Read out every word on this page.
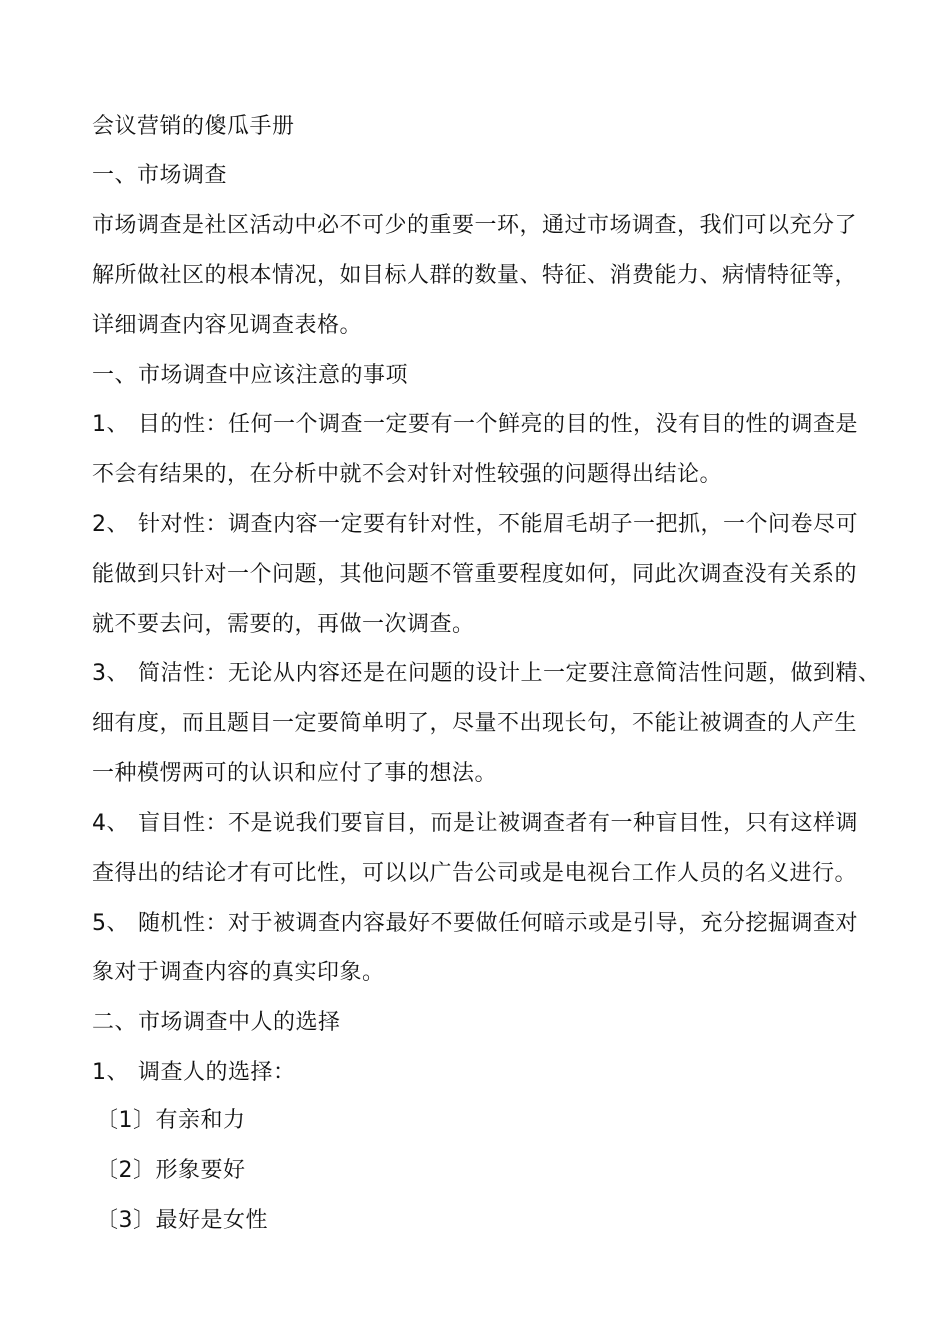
会议营销的傻瓜手册
一、市场调查
市场调查是社区活动中必不可少的重要一环，通过市场调查，我们可以充分了
解所做社区的根本情况，如目标人群的数量、特征、消费能力、病情特征等，
详细调查内容见调查表格。
一、市场调查中应该注意的事项
1、 目的性：任何一个调查一定要有一个鲜亮的目的性，没有目的性的调查是
不会有结果的，在分析中就不会对针对性较强的问题得出结论。
2、 针对性：调查内容一定要有针对性，不能眉毛胡子一把抓，一个问卷尽可
能做到只针对一个问题，其他问题不管重要程度如何，同此次调查没有关系的
就不要去问，需要的，再做一次调查。
3、 简洁性：无论从内容还是在问题的设计上一定要注意简洁性问题，做到精、
细有度，而且题目一定要简单明了，尽量不出现长句，不能让被调查的人产生
一种模愣两可的认识和应付了事的想法。
4、 盲目性：不是说我们要盲目，而是让被调查者有一种盲目性，只有这样调
查得出的结论才有可比性，可以以广告公司或是电视台工作人员的名义进行。
5、 随机性：对于被调查内容最好不要做任何暗示或是引导，充分挖掘调查对
象对于调查内容的真实印象。
二、市场调查中人的选择
1、 调查人的选择：
〔1〕有亲和力
〔2〕形象要好
〔3〕最好是女性
